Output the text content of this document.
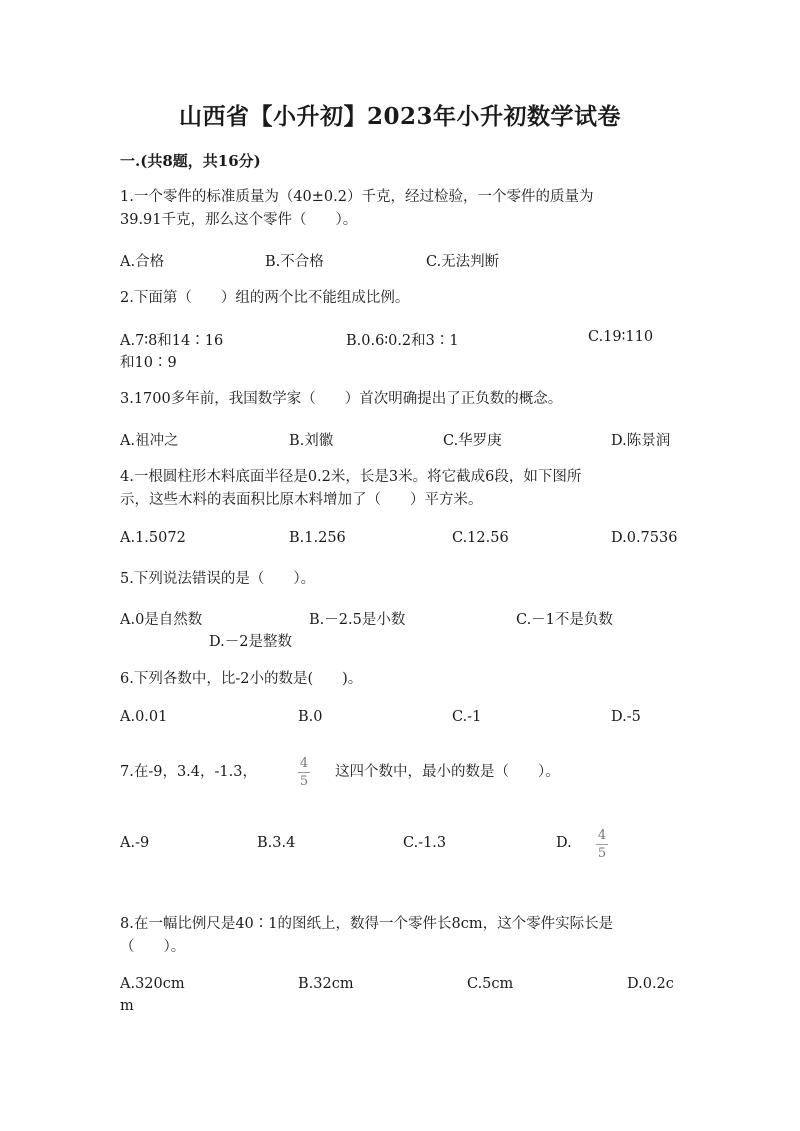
山西省【小升初】2023年小升初数学试卷
一.(共8题，共16分)
1.一个零件的标准质量为（40±0.2）千克，经过检验，一个零件的质量为
39.91千克，那么这个零件（　　）。
A.合格	B.不合格	C.无法判断
2.下面第（　　）组的两个比不能组成比例。
A.7∶8和14∶16	B.0.6∶0.2和3∶1	C.19∶110
和10∶9
3.1700多年前，我国数学家（　　）首次明确提出了正负数的概念。
A.祖冲之	B.刘徽	C.华罗庚	D.陈景润
4.一根圆柱形木料底面半径是0.2米，长是3米。将它截成6段，如下图所
示，这些木料的表面积比原木料增加了（　　）平方米。
A.1.5072	B.1.256	C.12.56	D.0.7536
5.下列说法错误的是（　　）。
A.0是自然数	B.－2.5是小数	C.－1不是负数
D.－2是整数
6.下列各数中，比-2小的数是(　　)。
A.0.01	B.0	C.-1	D.-5
7.在-9，3.4，-1.3，
4
5
这四个数中，最小的数是（　　）。
A.-9	B.3.4	C.-1.3	D. 4
5
8.在一幅比例尺是40∶1的图纸上，数得一个零件长8cm，这个零件实际长是
（　　）。
A.320cm	B.32cm	C.5cm	D.0.2c
m
